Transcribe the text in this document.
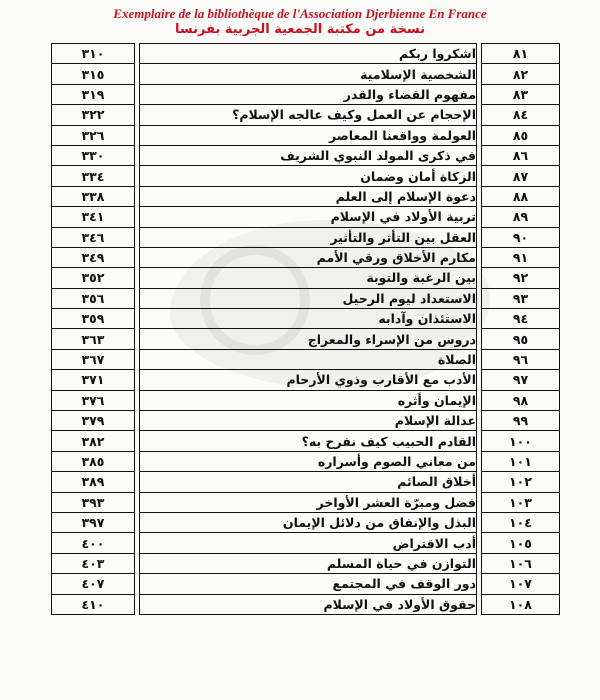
Exemplaire de la bibliothèque de l'Association Djerbienne En France
نسخة من مكتبة الجمعية الجربية بفرنسا
٣١٠		اشكروا ربكم		٨١
٣١٥		الشخصية الإسلامية		٨٢
٣١٩		مفهوم القضاء والقدر		٨٣
٣٢٢		الإحجام عن العمل وكيف عالجه الإسلام؟		٨٤
٣٢٦		العولمة وواقعنا المعاصر		٨٥
٣٣٠		في ذكرى المولد النبوي الشريف		٨٦
٣٣٤		الزكاة أمان وضمان		٨٧
٣٣٨		دعوة الإسلام إلى العلم		٨٨
٣٤١		تربية الأولاد في الإسلام		٨٩
٣٤٦		العقل بين التأثر والتأثير		٩٠
٣٤٩		مكارم الأخلاق ورقي الأمم		٩١
٣٥٢		بين الرغبة والتوبة		٩٢
٣٥٦		الاستعداد ليوم الرحيل		٩٣
٣٥٩		الاستئذان وآدابه		٩٤
٣٦٣		دروس من الإسراء والمعراج		٩٥
٣٦٧		الصلاة		٩٦
٣٧١		الأدب مع الأقارب وذوي الأرحام		٩٧
٣٧٦		الإيمان وأثره		٩٨
٣٧٩		عدالة الإسلام		٩٩
٣٨٢		القادم الحبيب كيف نفرح به؟		١٠٠
٣٨٥		من معاني الصوم وأسراره		١٠١
٣٨٩		أخلاق الصائم		١٠٢
٣٩٣		فضل ومبرّة العشر الأواخر		١٠٣
٣٩٧		البذل والإنفاق من دلائل الإيمان		١٠٤
٤٠٠		أدب الاقتراض		١٠٥
٤٠٣		التوازن في حياة المسلم		١٠٦
٤٠٧		دور الوقف في المجتمع		١٠٧
٤١٠		حقوق الأولاد في الإسلام		١٠٨
